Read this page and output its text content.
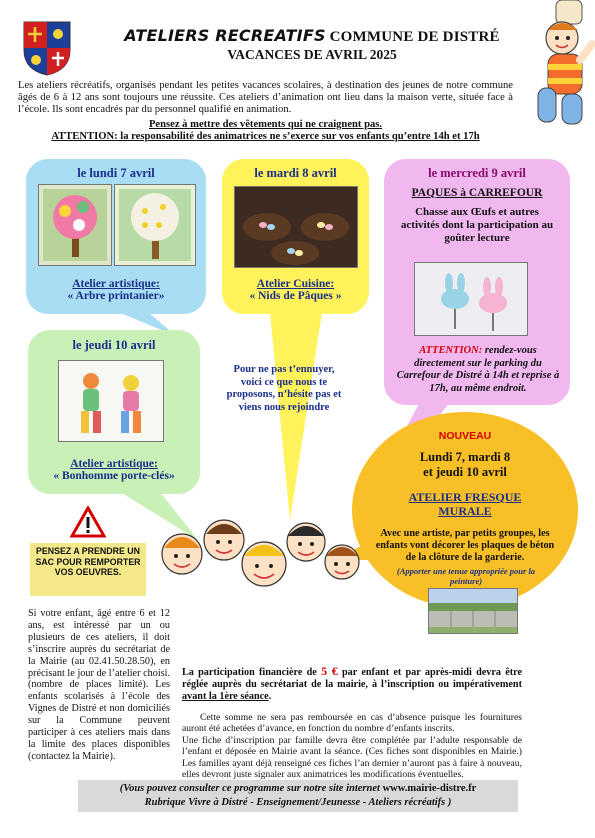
ATELIERS RECREATIFS COMMUNE DE DISTRÉ
VACANCES DE AVRIL 2025
Les ateliers récréatifs, organisés pendant les petites vacances scolaires, à destination des jeunes de notre commune âgés de 6 à 12 ans sont toujours une réussite. Ces ateliers d’animation ont lieu dans la maison verte, située face à l’école. Ils sont encadrés par du personnel qualifié en animation.
Pensez à mettre des vêtements qui ne craignent pas.
ATTENTION: la responsabilité des animatrices ne s’exerce sur vos enfants qu’entre 14h et 17h
le lundi 7 avril
Atelier artistique:
« Arbre printanier»
le mardi 8 avril
Atelier Cuisine:
« Nids de Pâques »
le mercredi 9 avril
PAQUES à CARREFOUR
Chasse aux Œufs et autres activités dont la participation au goûter lecture
ATTENTION: rendez-vous directement sur le parking du Carrefour de Distré à 14h et reprise à 17h, au même endroit.
le jeudi 10 avril
Atelier artistique:
« Bonhomme porte-clés»
Pour ne pas t’ennuyer, voici ce que nous te proposons, n’hésite pas et viens nous rejoindre
NOUVEAU
Lundi 7, mardi 8
et jeudi 10 avril
ATELIER FRESQUE
MURALE
Avec une artiste, par petits groupes, les enfants vont décorer les plaques de béton de la clôture de la garderie.
(Apporter une tenue appropriée pour la peinture)
PENSEZ A PRENDRE UN SAC POUR REMPORTER VOS OEUVRES.
Si votre enfant, âgé entre 6 et 12 ans, est intéressé par un ou plusieurs de ces ateliers, il doit s’inscrire auprès du secrétariat de la Mairie (au 02.41.50.28.50), en précisant le jour de l’atelier choisi. (nombre de places limité). Les enfants scolarisés à l’école des Vignes de Distré et non domiciliés sur la Commune peuvent participer à ces ateliers mais dans la limite des places disponibles (contactez la Mairie).
La participation financière de 5 € par enfant et par après-midi devra être réglée auprès du secrétariat de la mairie, à l’inscription ou impérativement avant la 1ère séance.
Cette somme ne sera pas remboursée en cas d’absence puisque les fournitures auront été achetées d’avance, en fonction du nombre d’enfants inscrits.
Une fiche d’inscription par famille devra être complétée par l’adulte responsable de l’enfant et déposée en Mairie avant la séance. (Ces fiches sont disponibles en Mairie.) Les familles ayant déjà renseigné ces fiches l’an dernier n’auront pas à faire à nouveau, elles devront juste signaler aux animatrices les modifications éventuelles.
(Vous pouvez consulter ce programme sur notre site internet www.mairie-distre.fr
Rubrique Vivre à Distré - Enseignement/Jeunesse - Ateliers récréatifs )
